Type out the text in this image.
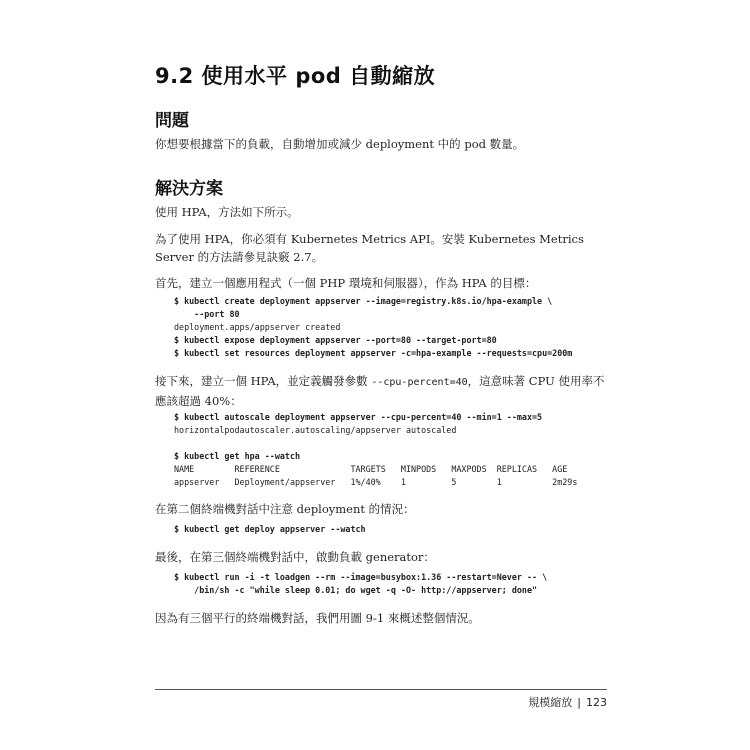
9.2 使用水平 pod 自動縮放
問題
你想要根據當下的負載，自動增加或減少 deployment 中的 pod 數量。
解決方案
使用 HPA，方法如下所示。
為了使用 HPA，你必須有 Kubernetes Metrics API。安裝 Kubernetes Metrics Server 的方法請參見訣竅 2.7。
首先，建立一個應用程式（一個 PHP 環境和伺服器），作為 HPA 的目標：
$ kubectl create deployment appserver --image=registry.k8s.io/hpa-example \
--port 80
deployment.apps/appserver created
$ kubectl expose deployment appserver --port=80 --target-port=80
$ kubectl set resources deployment appserver -c=hpa-example --requests=cpu=200m
接下來，建立一個 HPA，並定義觸發參數 --cpu-percent=40，這意味著 CPU 使用率不應該超過 40%：
$ kubectl autoscale deployment appserver --cpu-percent=40 --min=1 --max=5
horizontalpodautoscaler.autoscaling/appserver autoscaled

$ kubectl get hpa --watch
NAME        REFERENCE              TARGETS   MINPODS   MAXPODS  REPLICAS   AGE
appserver   Deployment/appserver   1%/40%    1         5        1          2m29s
在第二個終端機對話中注意 deployment 的情況：
$ kubectl get deploy appserver --watch
最後，在第三個終端機對話中，啟動負載 generator：
$ kubectl run -i -t loadgen --rm --image=busybox:1.36 --restart=Never -- \
/bin/sh -c "while sleep 0.01; do wget -q -O- http://appserver; done"
因為有三個平行的終端機對話，我們用圖 9-1 來概述整個情況。
規模縮放 | 123
